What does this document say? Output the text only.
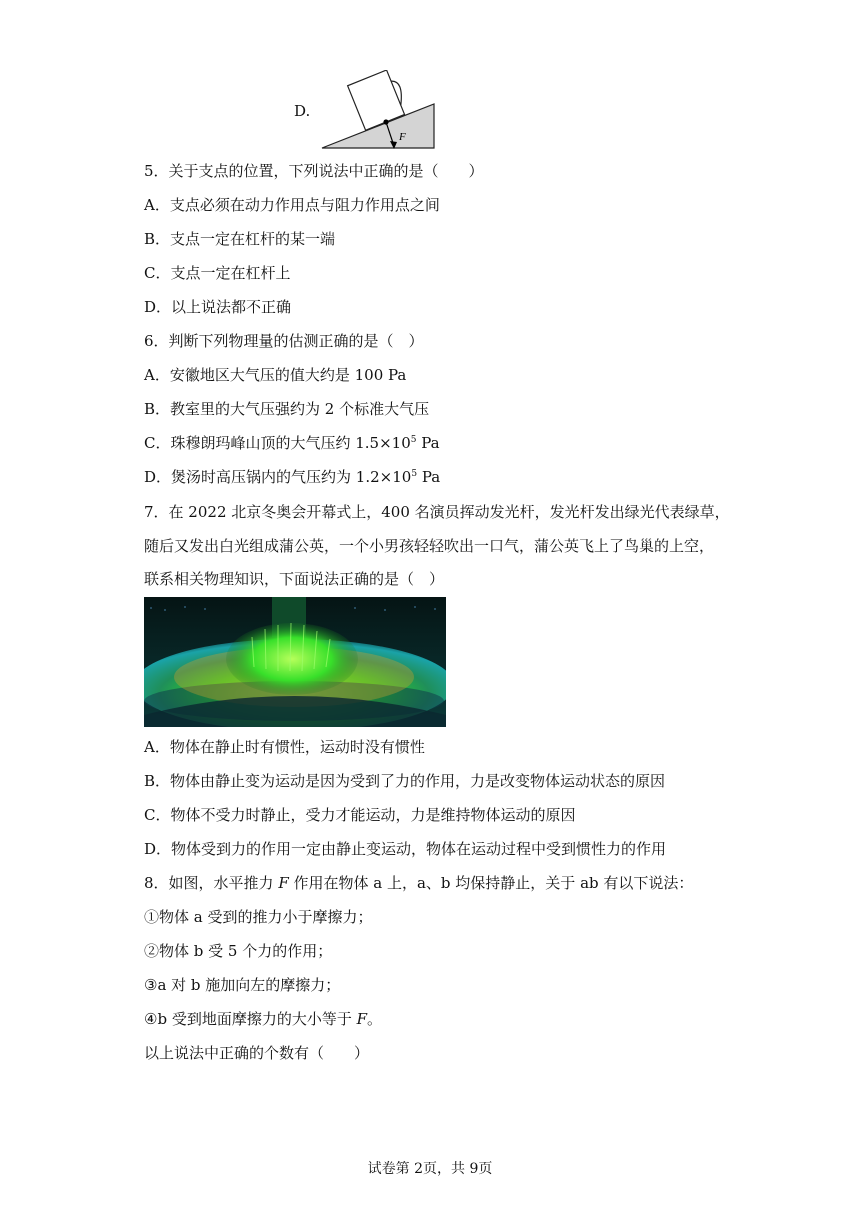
D.
F
5．关于支点的位置，下列说法中正确的是（　　）
A．支点必须在动力作用点与阻力作用点之间
B．支点一定在杠杆的某一端
C．支点一定在杠杆上
D．以上说法都不正确
6．判断下列物理量的估测正确的是（　）
A．安徽地区大气压的值大约是 100 Pa
B．教室里的大气压强约为 2 个标准大气压
C．珠穆朗玛峰山顶的大气压约 $1.5\times 10^5$ Pa
D．煲汤时高压锅内的气压约为 $1.2\times 10^5$ Pa
7．在 2022 北京冬奥会开幕式上，400 名演员挥动发光杆，发光杆发出绿光代表绿草，
随后又发出白光组成蒲公英，一个小男孩轻轻吹出一口气，蒲公英飞上了鸟巢的上空，
联系相关物理知识，下面说法正确的是（　）
A．物体在静止时有惯性，运动时没有惯性
B．物体由静止变为运动是因为受到了力的作用，力是改变物体运动状态的原因
C．物体不受力时静止，受力才能运动，力是维持物体运动的原因
D．物体受到力的作用一定由静止变运动，物体在运动过程中受到惯性力的作用
8．如图，水平推力 F 作用在物体 a 上，a、b 均保持静止，关于 ab 有以下说法：
①物体 a 受到的推力小于摩擦力；
②物体 b 受 5 个力的作用；
③a 对 b 施加向左的摩擦力；
④b 受到地面摩擦力的大小等于 F。
以上说法中正确的个数有（　　）
试卷第 2页，共 9页
